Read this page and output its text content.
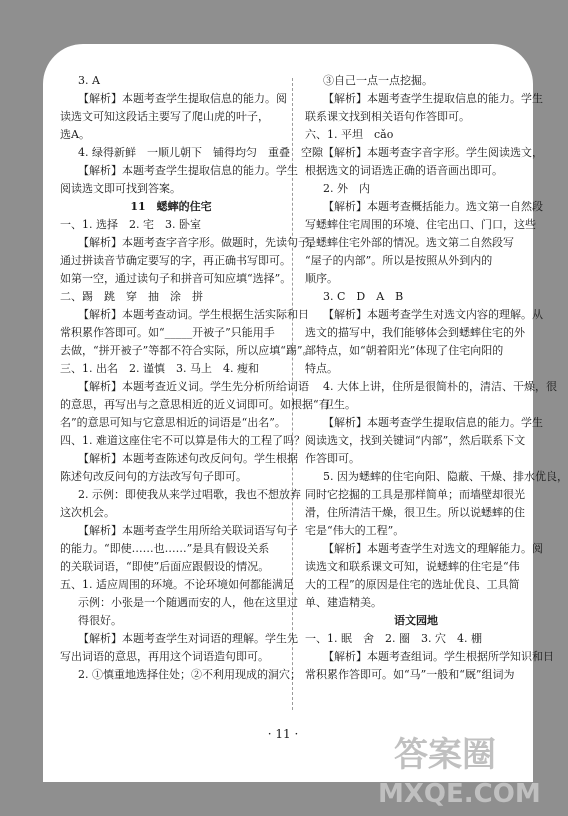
3. A
【解析】本题考查学生提取信息的能力。阅
读选文可知这段话主要写了爬山虎的叶子，
选A。
4. 绿得新鲜　一顺儿朝下　铺得均匀　重叠　空隙
【解析】本题考查学生提取信息的能力。学生
阅读选文即可找到答案。
11　蟋蟀的住宅
一、1. 选择　2. 宅　3. 卧室
【解析】本题考查字音字形。做题时，先读句子，
通过拼读音节确定要写的字，再正确书写即可。
如第一空，通过读句子和拼音可知应填“选择”。
二、踢　跳　穿　抽　涂　拼
【解析】本题考查动词。学生根据生活实际和日
常积累作答即可。如“_____开被子”只能用手
去做，“拼开被子”等都不符合实际，所以应填“踢”。
三、1. 出名　2. 谨慎　3. 马上　4. 瘦和
【解析】本题考查近义词。学生先分析所给词语
的意思，再写出与之意思相近的近义词即可。如根据“有
名”的意思可知与它意思相近的词语是“出名”。
四、1. 难道这座住宅不可以算是伟大的工程了吗？
【解析】本题考查陈述句改反问句。学生根据
陈述句改反问句的方法改写句子即可。
2. 示例：即使我从来学过唱歌，我也不想放弃
这次机会。
【解析】本题考查学生用所给关联词语写句子
的能力。“即使……也……”是具有假设关系
的关联词语，“即使”后面应跟假设的情况。
五、1. 适应周围的环境。不论环境如何都能满足
示例：小张是一个随遇而安的人，他在这里过
得很好。
【解析】本题考查学生对词语的理解。学生先
写出词语的意思，再用这个词语造句即可。
2. ①慎重地选择住处；②不利用现成的洞穴；
③自己一点一点挖掘。
【解析】本题考查学生提取信息的能力。学生
联系课文找到相关语句作答即可。
六、1. 平坦　cǎo
【解析】本题考查字音字形。学生阅读选文，
根据选文的词语选正确的语音画出即可。
2. 外　内
【解析】本题考查概括能力。选文第一自然段
写蟋蟀住宅周围的环境、住宅出口、门口，这些
是蟋蟀住宅外部的情况。选文第二自然段写
“屋子的内部”。所以是按照从外到内的
顺序。
3. C　D　A　B
【解析】本题考查学生对选文内容的理解。从
选文的描写中，我们能够体会到蟋蟀住宅的外
部特点，如“朝着阳光”体现了住宅向阳的
特点。
4. 大体上讲，住所是很简朴的，清洁、干燥，很
卫生。
【解析】本题考查学生提取信息的能力。学生
阅读选文，找到关键词“内部”，然后联系下文
作答即可。
5. 因为蟋蟀的住宅向阳、隐蔽、干燥、排水优良，
同时它挖掘的工具是那样简单；而墙壁却很光
滑，住所清洁干燥，很卫生。所以说蟋蟀的住
宅是“伟大的工程”。
【解析】本题考查学生对选文的理解能力。阅
读选文和联系课文可知，说蟋蟀的住宅是“伟
大的工程”的原因是住宅的选址优良、工具简
单、建造精美。
语文园地
一、1. 眠　舍　2. 圈　3. 穴　4. 棚
【解析】本题考查组词。学生根据所学知识和日
常积累作答即可。如“马”一般和“厩”组词为
· 11 ·
答案圈
MXQE.COM
